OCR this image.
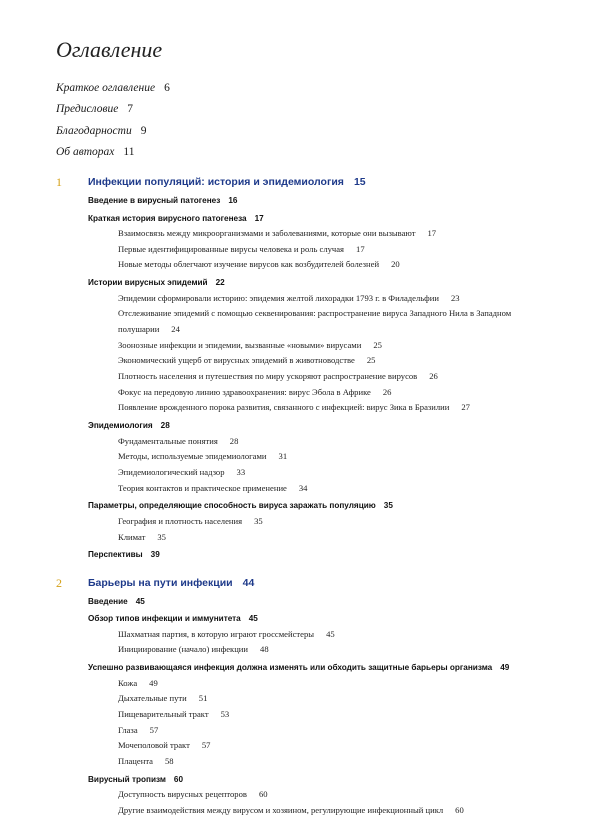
Оглавление
Краткое оглавление 6
Предисловие 7
Благодарности 9
Об авторах 11
1 Инфекции популяций: история и эпидемиология 15
Введение в вирусный патогенез 16
Краткая история вирусного патогенеза 17
Взаимосвязь между микроорганизмами и заболеваниями, которые они вызывают 17
Первые идентифицированные вирусы человека и роль случая 17
Новые методы облегчают изучение вирусов как возбудителей болезней 20
Истории вирусных эпидемий 22
Эпидемии сформировали историю: эпидемия желтой лихорадки 1793 г. в Филадельфии 23
Отслеживание эпидемий с помощью секвенирования: распространение вируса Западного Нила в Западном полушарии 24
Зоонозные инфекции и эпидемии, вызванные «новыми» вирусами 25
Экономический ущерб от вирусных эпидемий в животноводстве 25
Плотность населения и путешествия по миру ускоряют распространение вирусов 26
Фокус на передовую линию здравоохранения: вирус Эбола в Африке 26
Появление врожденного порока развития, связанного с инфекцией: вирус Зика в Бразилии 27
Эпидемиология 28
Фундаментальные понятия 28
Методы, используемые эпидемиологами 31
Эпидемиологический надзор 33
Теория контактов и практическое применение 34
Параметры, определяющие способность вируса заражать популяцию 35
География и плотность населения 35
Климат 35
Перспективы 39
2 Барьеры на пути инфекции 44
Введение 45
Обзор типов инфекции и иммунитета 45
Шахматная партия, в которую играют гроссмейстеры 45
Инициирование (начало) инфекции 48
Успешно развивающаяся инфекция должна изменять или обходить защитные барьеры организма 49
Кожа 49
Дыхательные пути 51
Пищеварительный тракт 53
Глаза 57
Мочеполовой тракт 57
Плацента 58
Вирусный тропизм 60
Доступность вирусных рецепторов 60
Другие взаимодействия между вирусом и хозяином, регулирующие инфекционный цикл 60
